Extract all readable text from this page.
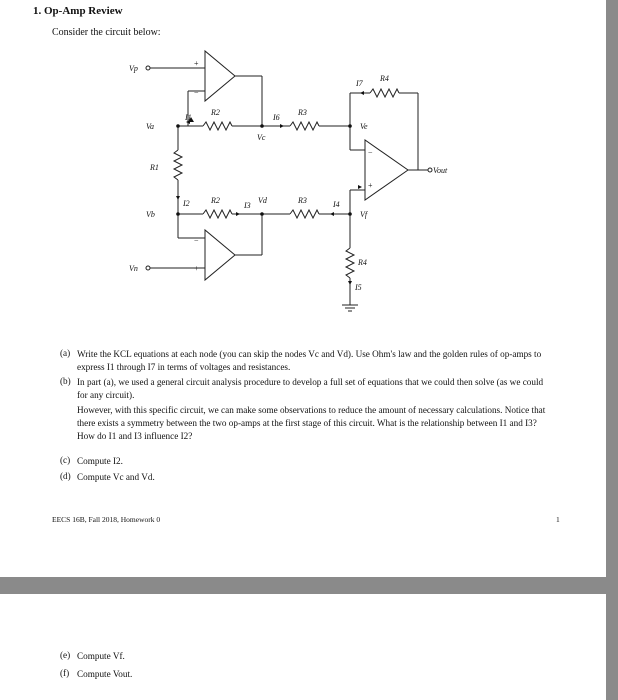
1. Op-Amp Review
Consider the circuit below:
+
−
−
+
−
+
Vp
Va
Vb
Vn
Vc
Vd
Ve
Vf
Vout
R1
R2
R2
R3
R3
R4
R4
I1
I2	I3	I4
I5
I6
I7
(a) Write the KCL equations at each node (you can skip the nodes Vc and Vd). Use Ohm's law and the golden rules of op-amps to express I1 through I7 in terms of voltages and resistances.
(b) In part (a), we used a general circuit analysis procedure to develop a full set of equations that we could then solve (as we could for any circuit).
However, with this specific circuit, we can make some observations to reduce the amount of necessary calculations. Notice that there exists a symmetry between the two op-amps at the first stage of this circuit. What is the relationship between I1 and I3? How do I1 and I3 influence I2?
(c) Compute I2.
(d) Compute Vc and Vd.
EECS 16B, Fall 2018, Homework 0	1
(e) Compute Vf.
(f) Compute Vout.
